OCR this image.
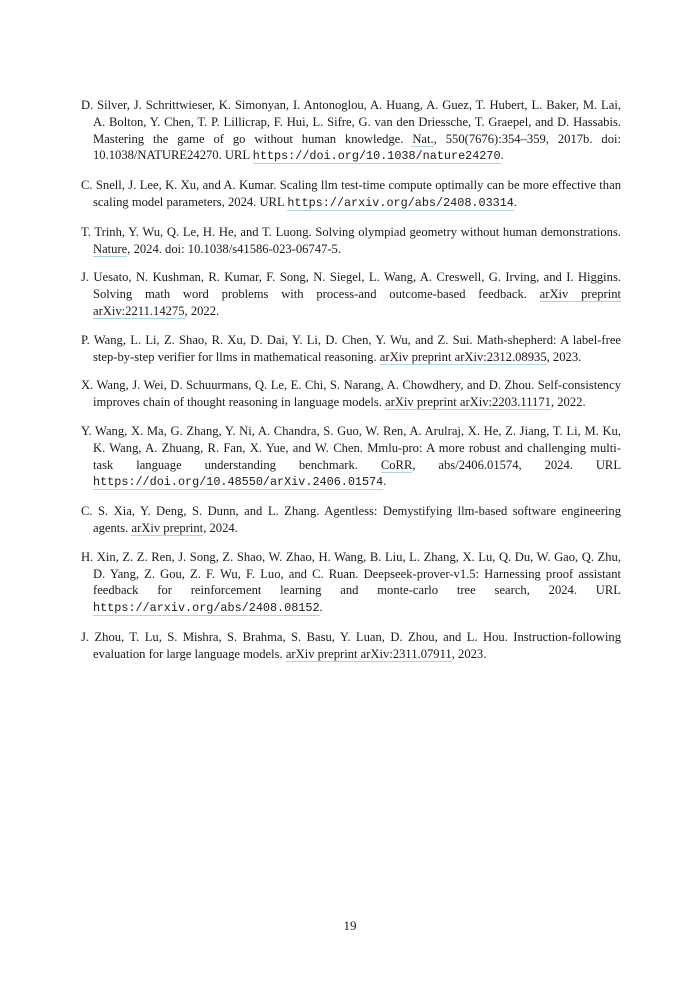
D. Silver, J. Schrittwieser, K. Simonyan, I. Antonoglou, A. Huang, A. Guez, T. Hubert, L. Baker, M. Lai, A. Bolton, Y. Chen, T. P. Lillicrap, F. Hui, L. Sifre, G. van den Driessche, T. Graepel, and D. Hassabis. Mastering the game of go without human knowledge. Nat., 550(7676):354–359, 2017b. doi: 10.1038/NATURE24270. URL https://doi.org/10.1038/nature24270.

C. Snell, J. Lee, K. Xu, and A. Kumar. Scaling llm test-time compute optimally can be more effective than scaling model parameters, 2024. URL https://arxiv.org/abs/2408.03314.

T. Trinh, Y. Wu, Q. Le, H. He, and T. Luong. Solving olympiad geometry without human demonstrations. Nature, 2024. doi: 10.1038/s41586-023-06747-5.

J. Uesato, N. Kushman, R. Kumar, F. Song, N. Siegel, L. Wang, A. Creswell, G. Irving, and I. Higgins. Solving math word problems with process-and outcome-based feedback. arXiv preprint arXiv:2211.14275, 2022.

P. Wang, L. Li, Z. Shao, R. Xu, D. Dai, Y. Li, D. Chen, Y. Wu, and Z. Sui. Math-shepherd: A label-free step-by-step verifier for llms in mathematical reasoning. arXiv preprint arXiv:2312.08935, 2023.

X. Wang, J. Wei, D. Schuurmans, Q. Le, E. Chi, S. Narang, A. Chowdhery, and D. Zhou. Self-consistency improves chain of thought reasoning in language models. arXiv preprint arXiv:2203.11171, 2022.

Y. Wang, X. Ma, G. Zhang, Y. Ni, A. Chandra, S. Guo, W. Ren, A. Arulraj, X. He, Z. Jiang, T. Li, M. Ku, K. Wang, A. Zhuang, R. Fan, X. Yue, and W. Chen. Mmlu-pro: A more robust and challenging multi-task language understanding benchmark. CoRR, abs/2406.01574, 2024. URL https://doi.org/10.48550/arXiv.2406.01574.

C. S. Xia, Y. Deng, S. Dunn, and L. Zhang. Agentless: Demystifying llm-based software engineering agents. arXiv preprint, 2024.

H. Xin, Z. Z. Ren, J. Song, Z. Shao, W. Zhao, H. Wang, B. Liu, L. Zhang, X. Lu, Q. Du, W. Gao, Q. Zhu, D. Yang, Z. Gou, Z. F. Wu, F. Luo, and C. Ruan. Deepseek-prover-v1.5: Harnessing proof assistant feedback for reinforcement learning and monte-carlo tree search, 2024. URL https://arxiv.org/abs/2408.08152.

J. Zhou, T. Lu, S. Mishra, S. Brahma, S. Basu, Y. Luan, D. Zhou, and L. Hou. Instruction-following evaluation for large language models. arXiv preprint arXiv:2311.07911, 2023.

19
